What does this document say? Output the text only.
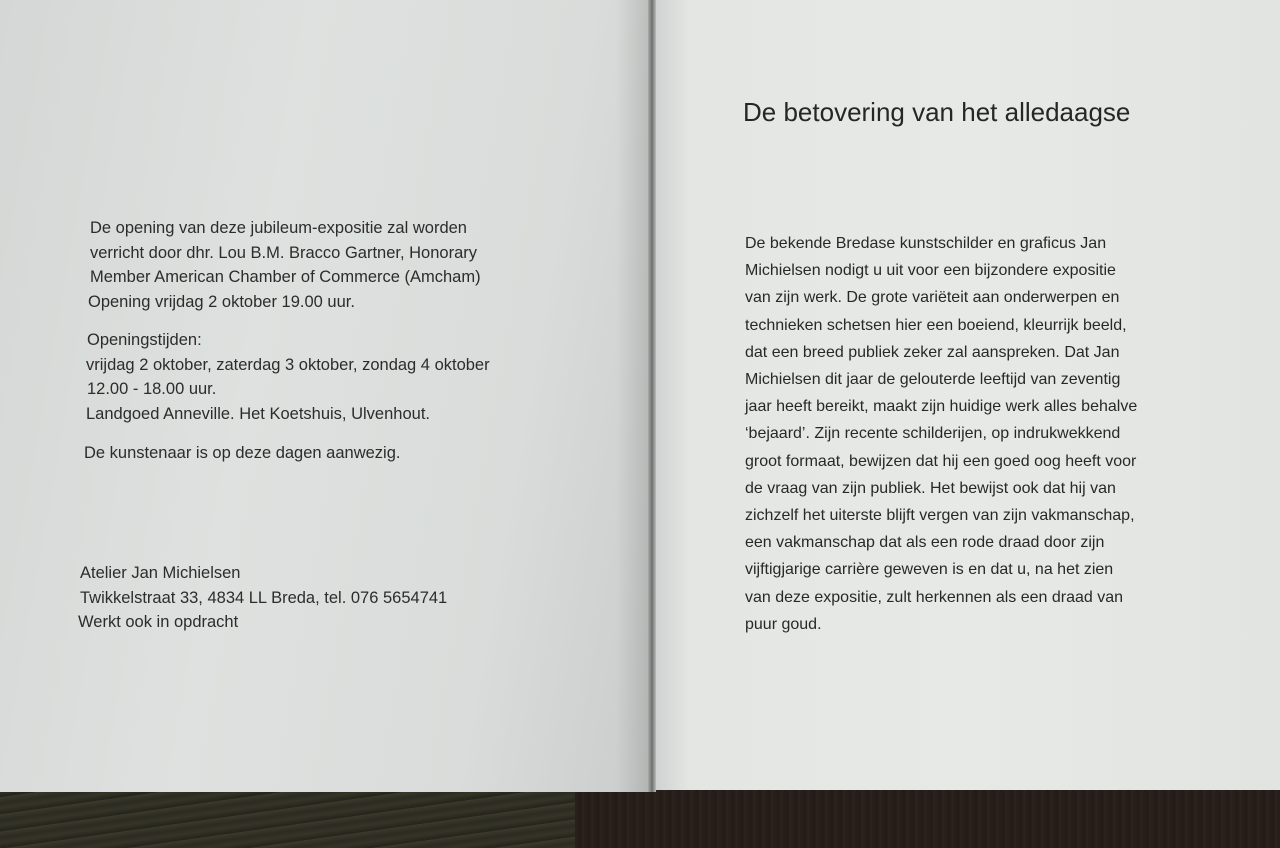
De opening van deze jubileum-expositie zal worden
verricht door dhr. Lou B.M. Bracco Gartner, Honorary
Member American Chamber of Commerce (Amcham)
Opening vrijdag 2 oktober 19.00 uur.
Openingstijden:
vrijdag 2 oktober, zaterdag 3 oktober, zondag 4 oktober
12.00 - 18.00 uur.
Landgoed Anneville. Het Koetshuis, Ulvenhout.

De kunstenaar is op deze dagen aanwezig.

Atelier Jan Michielsen
Twikkelstraat 33, 4834 LL Breda, tel. 076 5654741
Werkt ook in opdracht
De betovering van het alledaagse
De bekende Bredase kunstschilder en graficus Jan
Michielsen nodigt u uit voor een bijzondere expositie
van zijn werk. De grote variëteit aan onderwerpen en
technieken schetsen hier een boeiend, kleurrijk beeld,
dat een breed publiek zeker zal aanspreken. Dat Jan
Michielsen dit jaar de gelouterde leeftijd van zeventig
jaar heeft bereikt, maakt zijn huidige werk alles behalve
‘bejaard’. Zijn recente schilderijen, op indrukwekkend
groot formaat, bewijzen dat hij een goed oog heeft voor
de vraag van zijn publiek. Het bewijst ook dat hij van
zichzelf het uiterste blijft vergen van zijn vakmanschap,
een vakmanschap dat als een rode draad door zijn
vijftigjarige carrière geweven is en dat u, na het zien
van deze expositie, zult herkennen als een draad van
puur goud.
